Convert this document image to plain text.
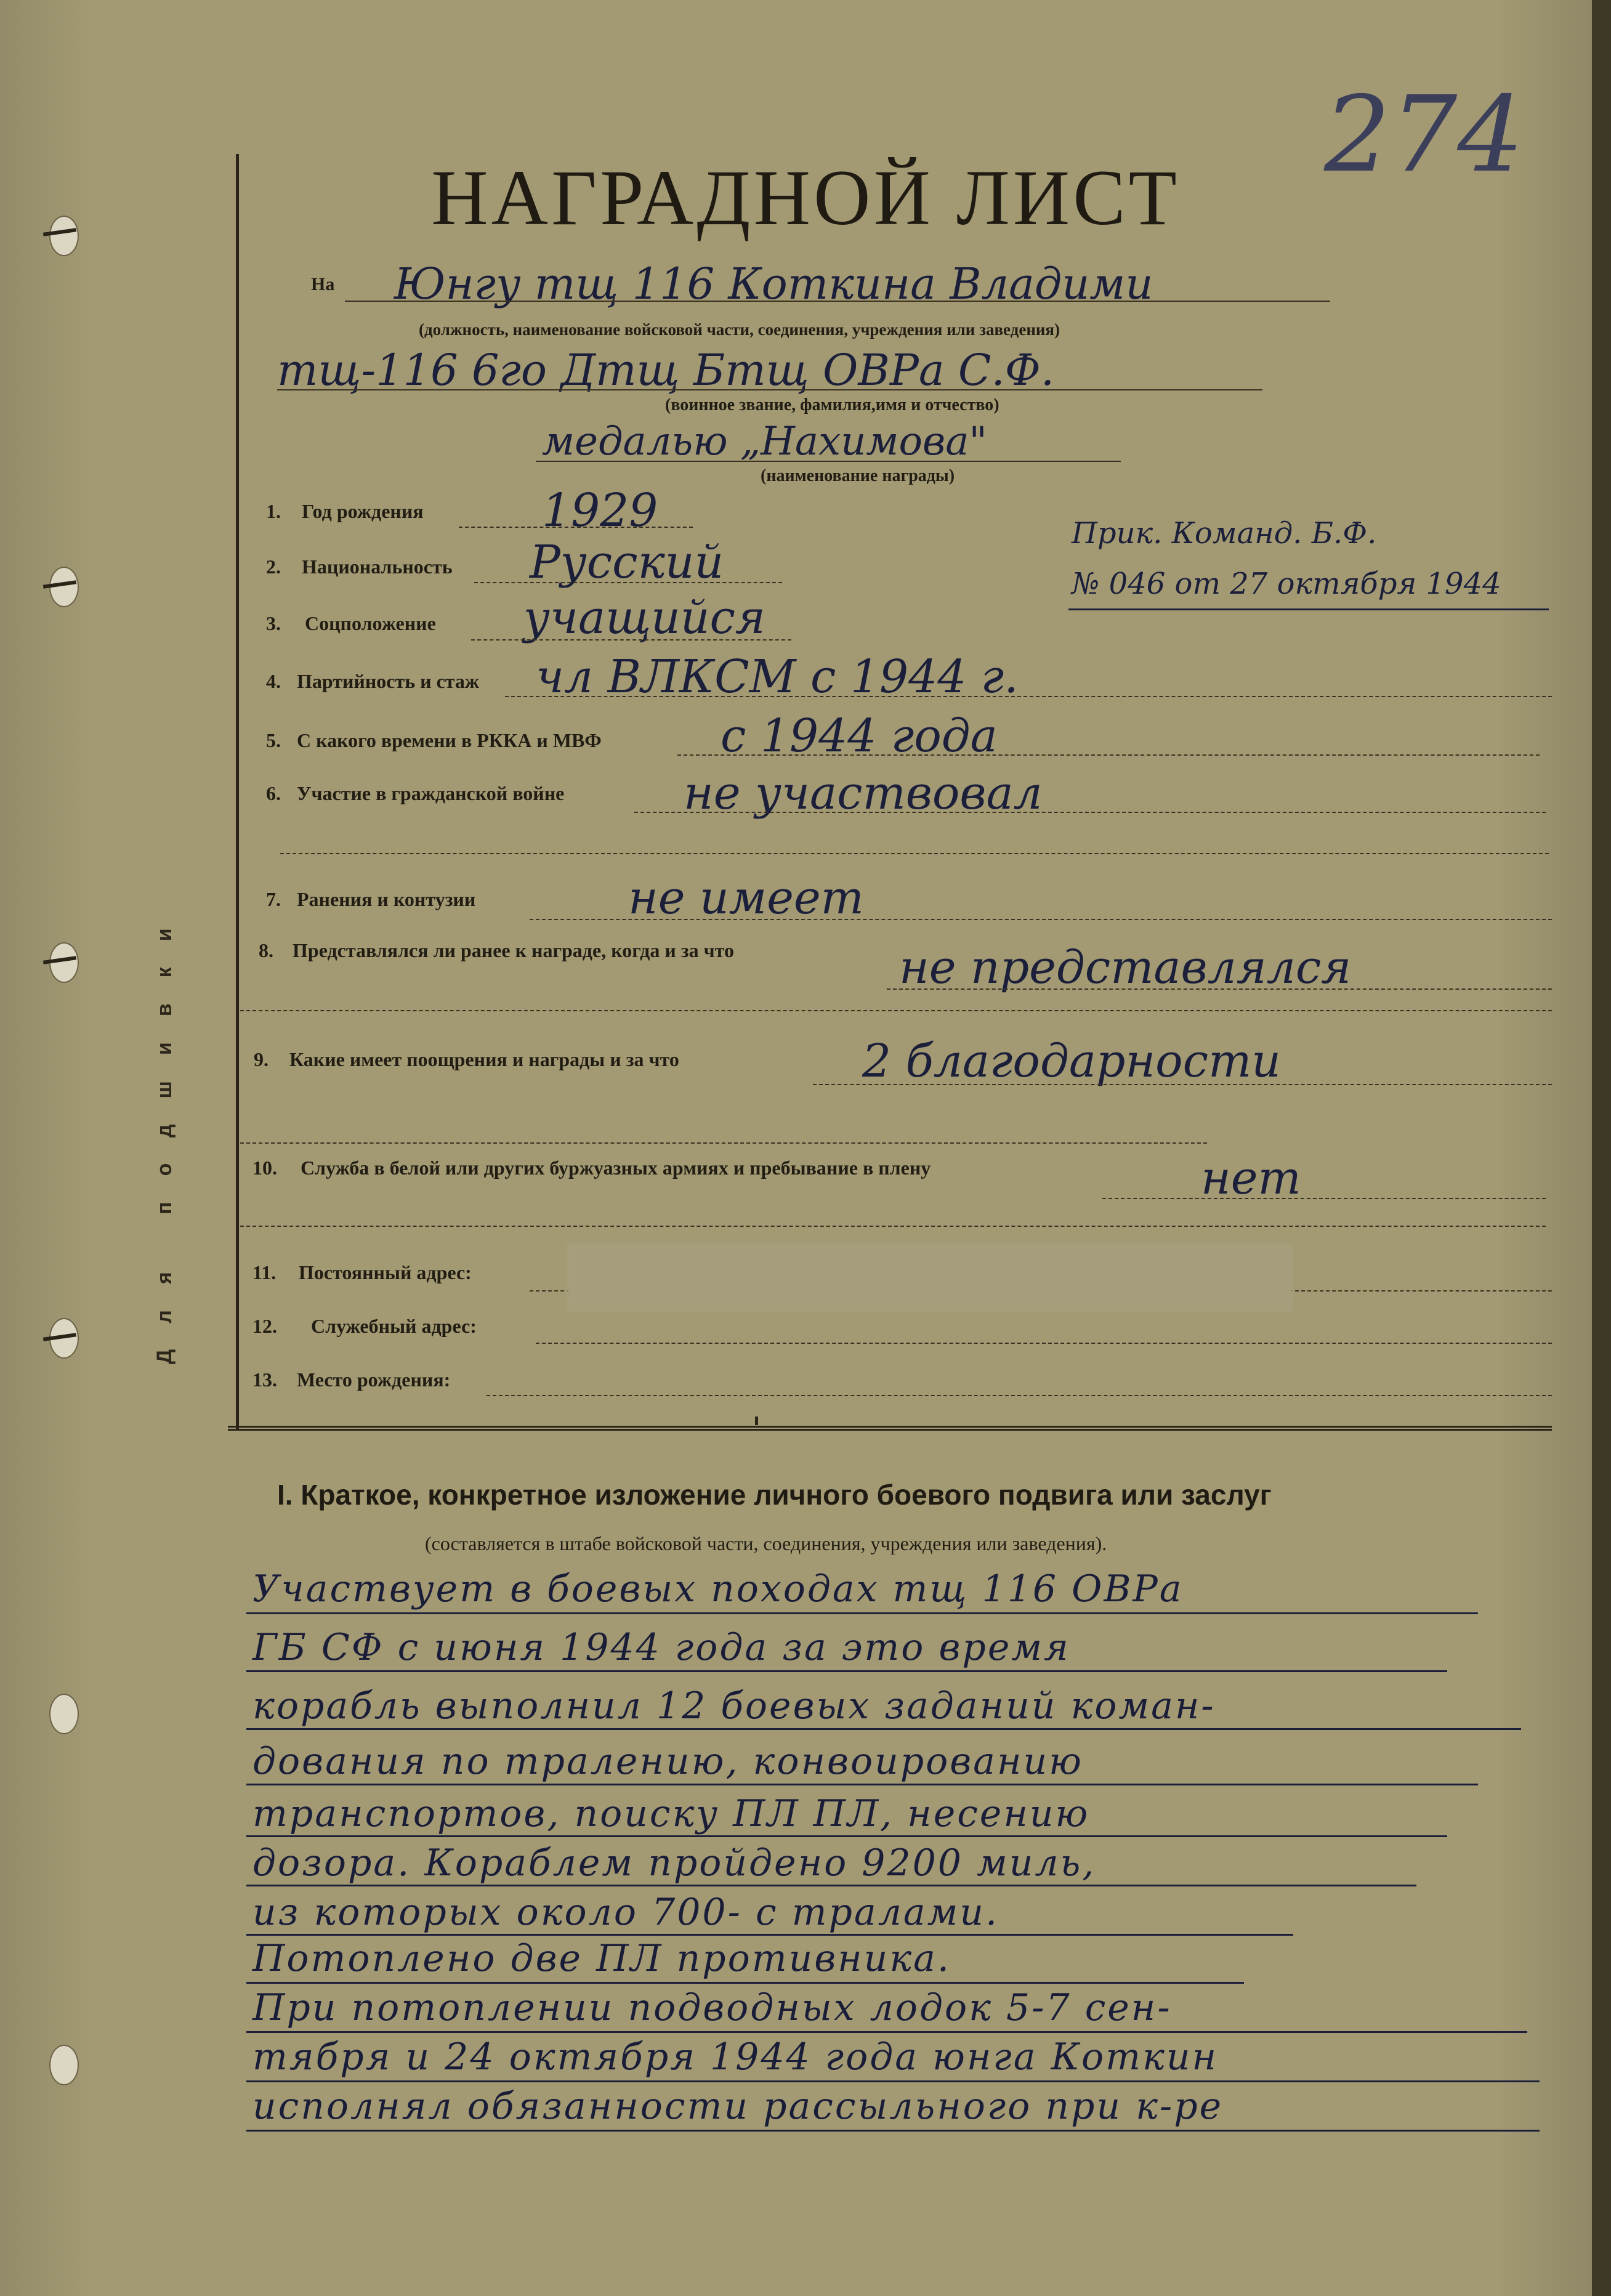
Для подшивки
274
НАГРАДНОЙ ЛИСТ
На Юнгу тщ 116 Коткина Владими
(должность, наименование войсковой части, соединения, учреждения или заведения)
тщ-116 6го Дтщ Бтщ ОВРа С.Ф.
(воинное звание, фамилия,имя и отчество)
медалью „Нахимова"
(наименование награды)
Прик. Команд. Б.Ф.
№ 046 от 27 октября 1944
1. Год рождения	1929
2. Национальность Русский
3. Соцположение учащийся
4. Партийность и стаж чл ВЛКСМ с 1944 г.
5. С какого времени в РККА и МВФ	с 1944 года
6. Участие в гражданской войне	не участвовал
7. Ранения и контузии	не имеет
8. Представлялся ли ранее к награде, когда и за что	не представлялся
9. Какие имеет поощрения и награды и за что	2 благодарности
10. Служба в белой или других буржуазных армиях и пребывание в плену	нет
11. Постоянный адрес:
12. Служебный адрес:
13. Место рождения:
I. Краткое, конкретное изложение личного боевого подвига или заслуг
(составляется в штабе войсковой части, соединения, учреждения или заведения).
Участвует в боевых походах тщ 116 ОВРа
ГБ СФ с июня 1944 года за это время
корабль выполнил 12 боевых заданий коман-
дования по тралению, конвоированию
транспортов, поиску ПЛ ПЛ, несению
дозора. Кораблем пройдено 9200 миль,
из которых около 700- с тралами.
Потоплено две ПЛ противника.
При потоплении подводных лодок 5-7 сен-
тября и 24 октября 1944 года юнга Коткин
исполнял обязанности рассыльного при к-ре
